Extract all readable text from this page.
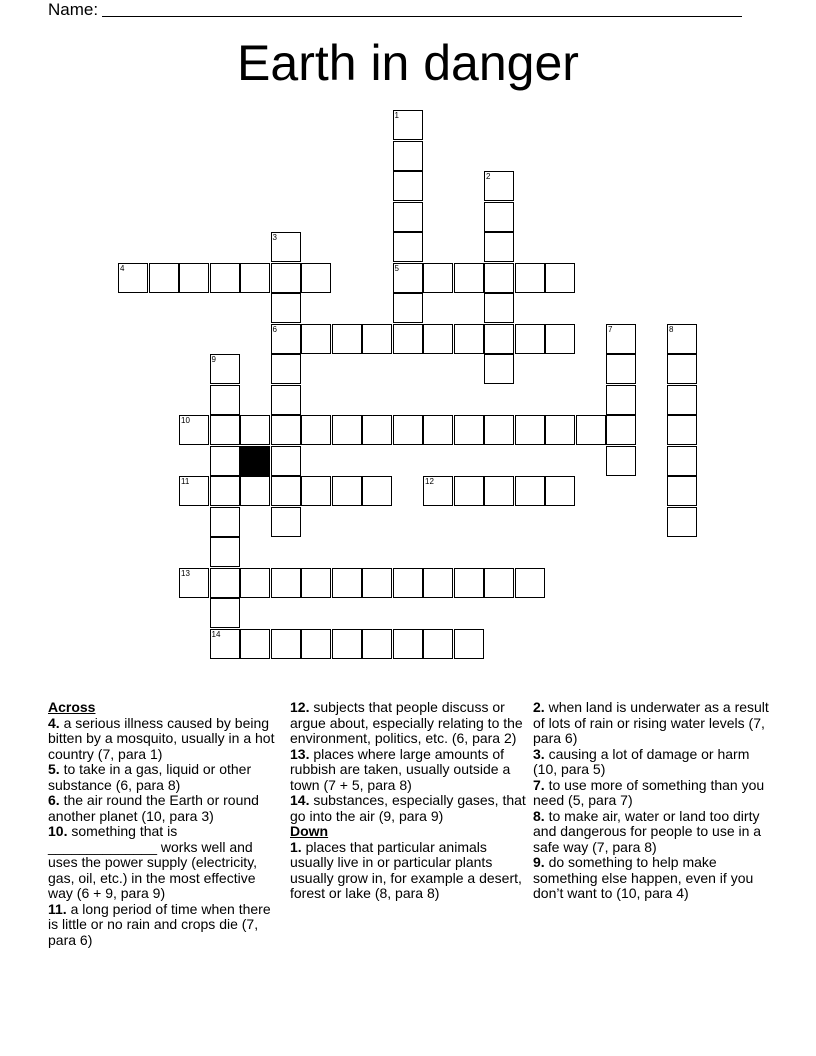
Name:
Earth in danger
4	5
6
10
11	12
13
14
1
2
3
7	8
9
Across
4. a serious illness caused by being bitten by a mosquito, usually in a hot country (7, para 1)
5. to take in a gas, liquid or other substance (6, para 8)
6. the air round the Earth or round another planet (10, para 3)
10. something that is ______________ works well and uses the power supply (electricity, gas, oil, etc.) in the most effective way (6 + 9, para 9)
11. a long period of time when there is little or no rain and crops die (7, para 6)
12. subjects that people discuss or argue about, especially relating to the environment, politics, etc. (6, para 2)
13. places where large amounts of rubbish are taken, usually outside a town (7 + 5, para 8)
14. substances, especially gases, that go into the air (9, para 9)
Down
1. places that particular animals usually live in or particular plants usually grow in, for example a desert, forest or lake (8, para 8)
2. when land is underwater as a result of lots of rain or rising water levels (7, para 6)
3. causing a lot of damage or harm (10, para 5)
7. to use more of something than you need (5, para 7)
8. to make air, water or land too dirty and dangerous for people to use in a safe way (7, para 8)
9. do something to help make something else happen, even if you don’t want to (10, para 4)
